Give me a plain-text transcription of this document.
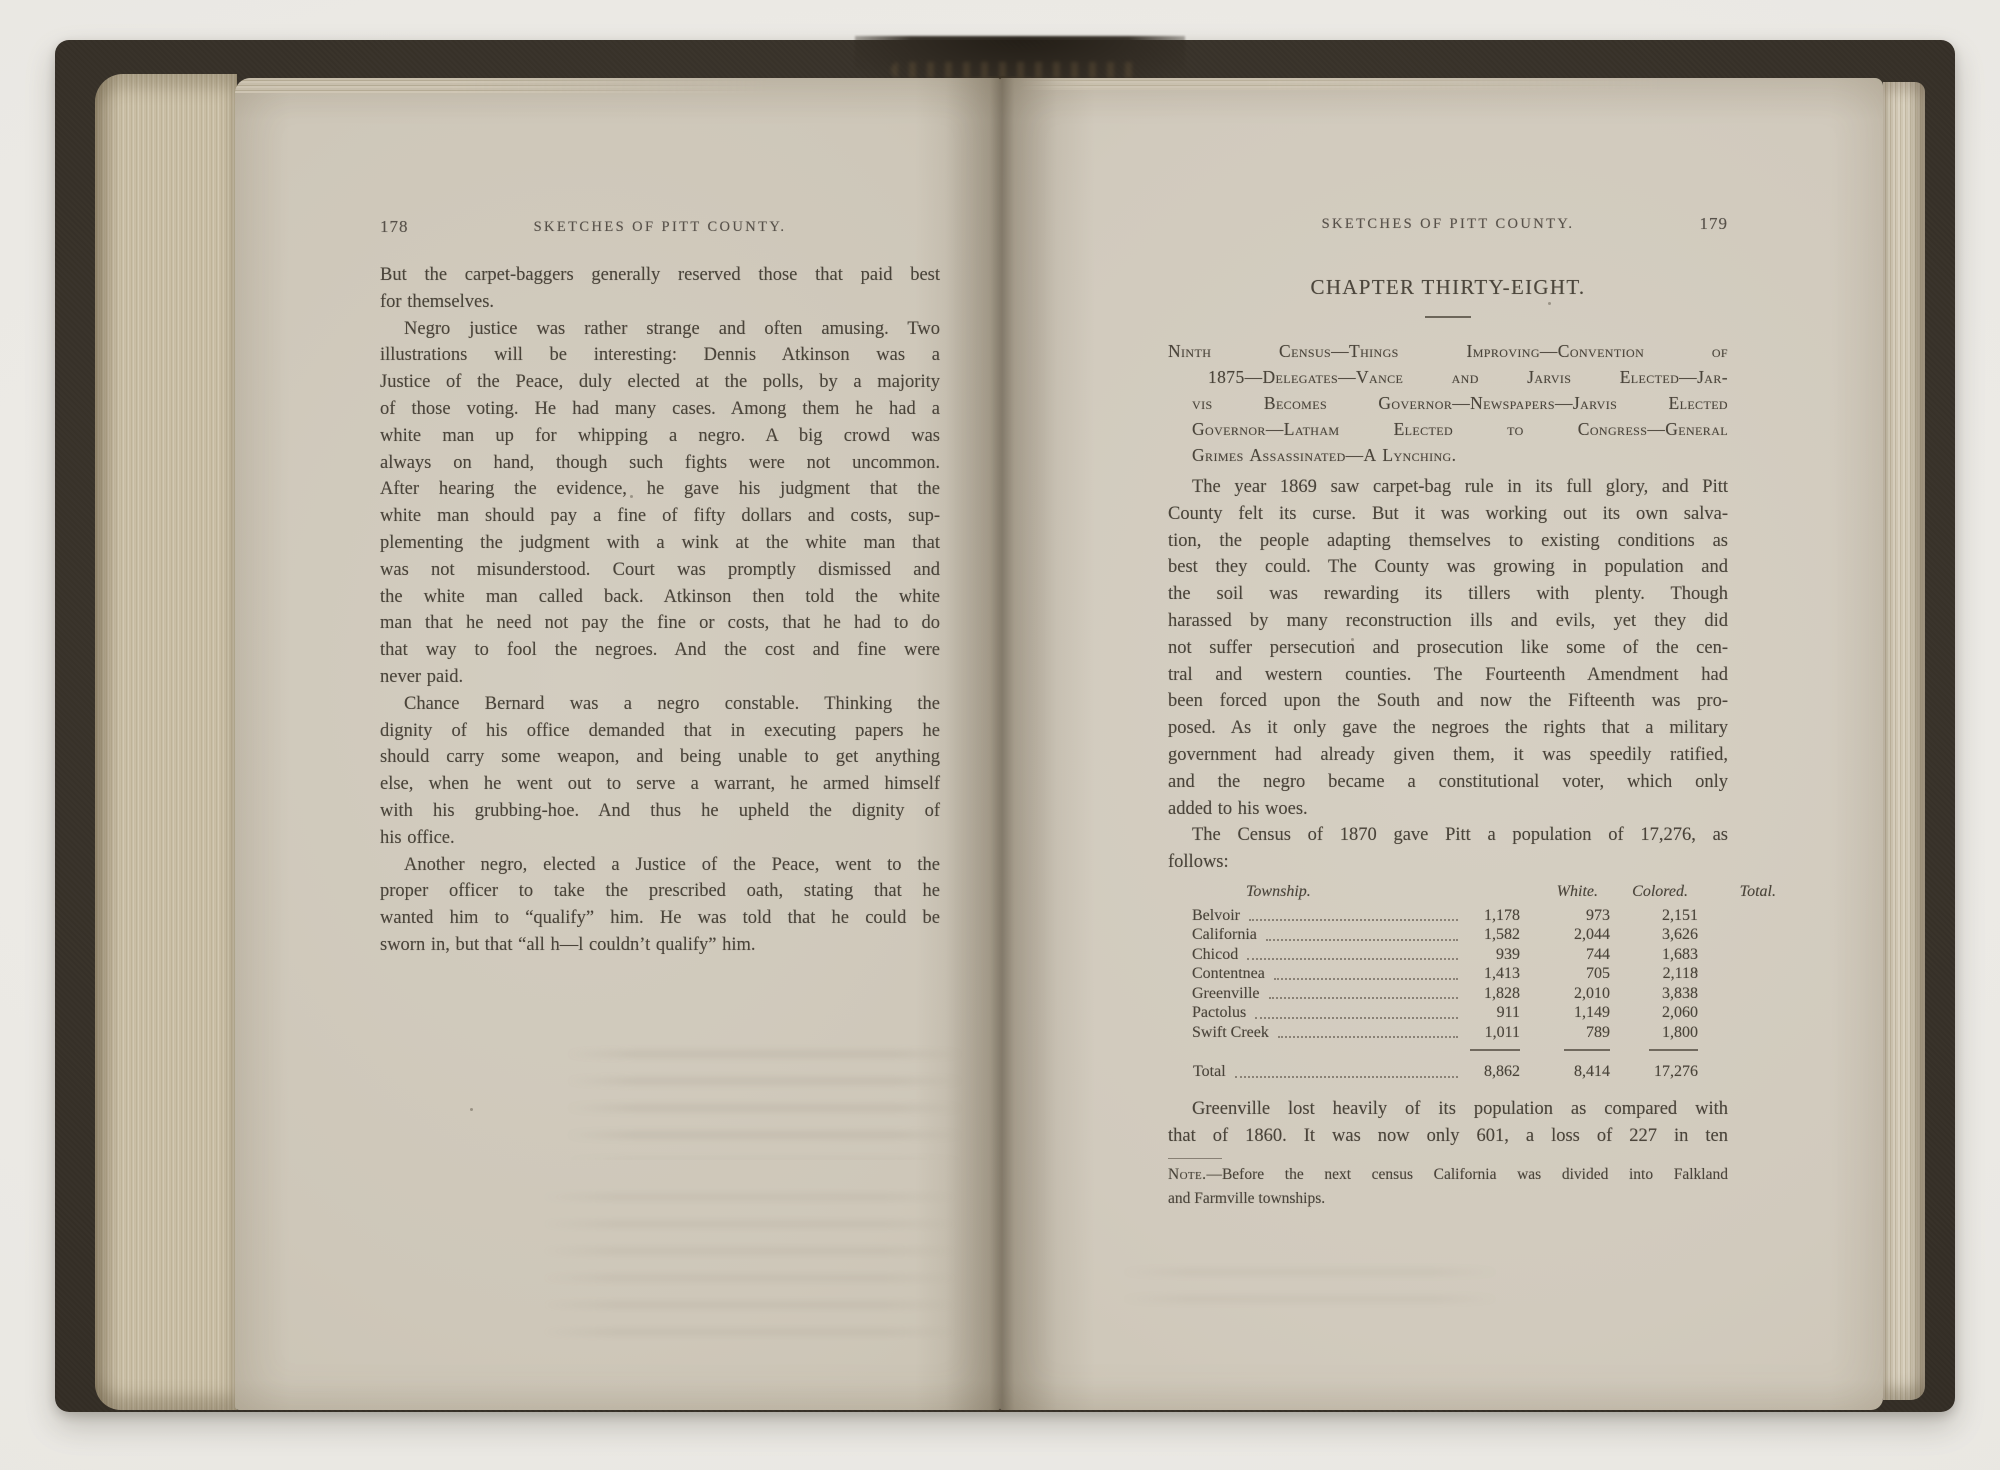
178	SKETCHES OF PITT COUNTY.
But the carpet-baggers generally reserved those that paid best
for themselves.
Negro justice was rather strange and often amusing. Two
illustrations will be interesting: Dennis Atkinson was a
Justice of the Peace, duly elected at the polls, by a majority
of those voting. He had many cases. Among them he had a
white man up for whipping a negro. A big crowd was
always on hand, though such fights were not uncommon.
After hearing the evidence, he gave his judgment that the
white man should pay a fine of fifty dollars and costs, sup-
plementing the judgment with a wink at the white man that
was not misunderstood. Court was promptly dismissed and
the white man called back. Atkinson then told the white
man that he need not pay the fine or costs, that he had to do
that way to fool the negroes. And the cost and fine were
never paid.
Chance Bernard was a negro constable. Thinking the
dignity of his office demanded that in executing papers he
should carry some weapon, and being unable to get anything
else, when he went out to serve a warrant, he armed himself
with his grubbing-hoe. And thus he upheld the dignity of
his office.
Another negro, elected a Justice of the Peace, went to the
proper officer to take the prescribed oath, stating that he
wanted him to “qualify” him. He was told that he could be
sworn in, but that “all h—l couldn’t qualify” him.
SKETCHES OF PITT COUNTY.	179
CHAPTER THIRTY-EIGHT.
Ninth Census—Things Improving—Convention of
1875—Delegates—Vance and Jarvis Elected—Jar-
vis Becomes Governor—Newspapers—Jarvis Elected
Governor—Latham Elected to Congress—General
Grimes Assassinated—A Lynching.
The year 1869 saw carpet-bag rule in its full glory, and Pitt
County felt its curse. But it was working out its own salva-
tion, the people adapting themselves to existing conditions as
best they could. The County was growing in population and
the soil was rewarding its tillers with plenty. Though
harassed by many reconstruction ills and evils, yet they did
not suffer persecution and prosecution like some of the cen-
tral and western counties. The Fourteenth Amendment had
been forced upon the South and now the Fifteenth was pro-
posed. As it only gave the negroes the rights that a military
government had already given them, it was speedily ratified,
and the negro became a constitutional voter, which only
added to his woes.
The Census of 1870 gave Pitt a population of 17,276, as
follows:
Township.	White.	Colored.	Total.
Belvoir	1,178	973	2,151
California	1,582	2,044	3,626
Chicod	939	744	1,683
Contentnea	1,413	705	2,118
Greenville	1,828	2,010	3,838
Pactolus	911	1,149	2,060
Swift Creek	1,011	789	1,800
Total	8,862	8,414	17,276
Greenville lost heavily of its population as compared with
that of 1860. It was now only 601, a loss of 227 in ten
Note.—Before the next census California was divided into Falkland
and Farmville townships.
